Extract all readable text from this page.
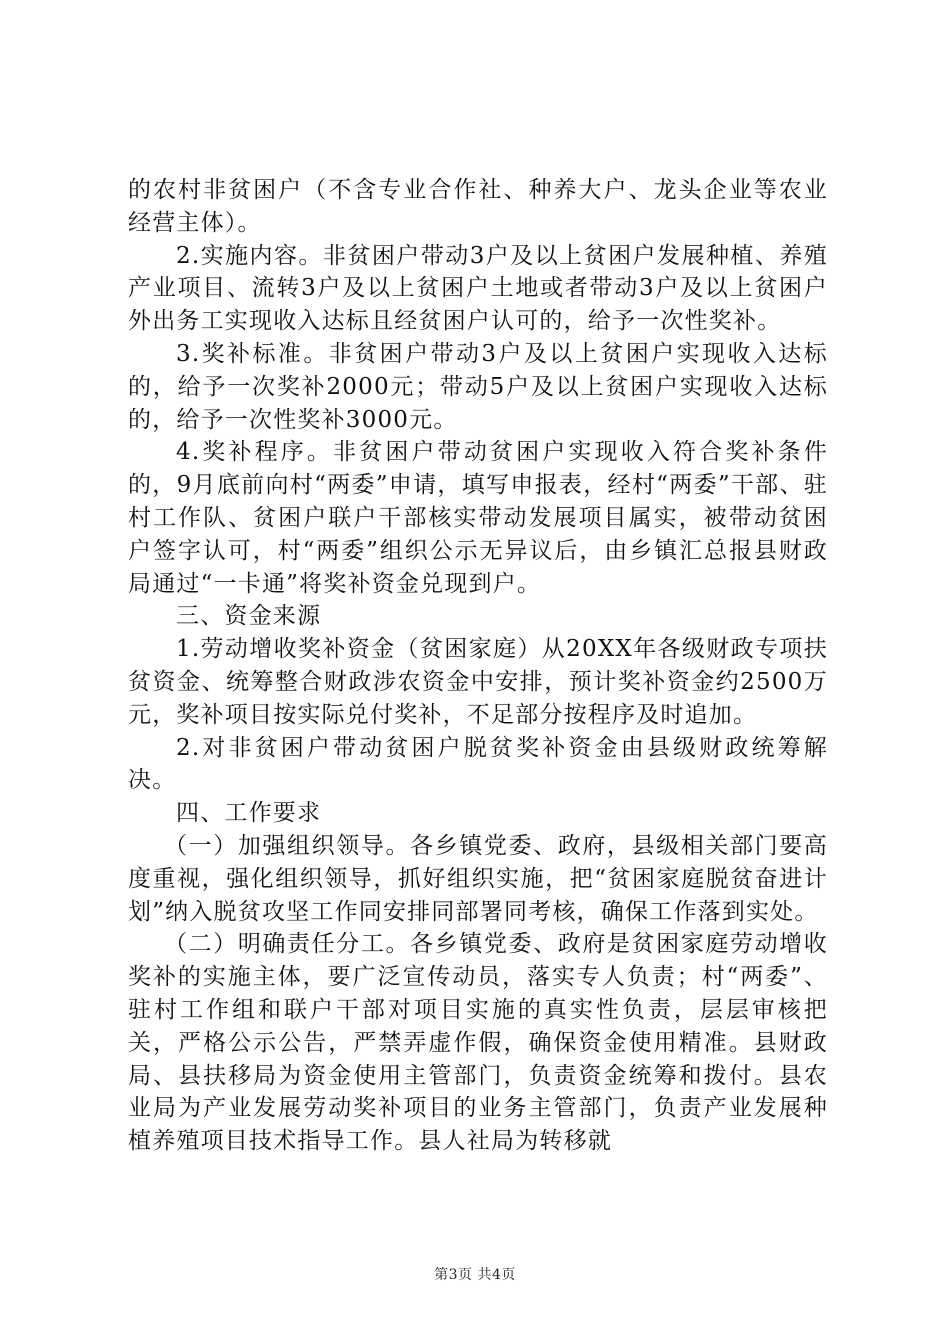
的农村非贫困户（不含专业合作社、种养大户、龙头企业等农业经营主体）。

2.实施内容。非贫困户带动3户及以上贫困户发展种植、养殖产业项目、流转3户及以上贫困户土地或者带动3户及以上贫困户外出务工实现收入达标且经贫困户认可的，给予一次性奖补。

3.奖补标准。非贫困户带动3户及以上贫困户实现收入达标的，给予一次奖补2000元；带动5户及以上贫困户实现收入达标的，给予一次性奖补3000元。

4.奖补程序。非贫困户带动贫困户实现收入符合奖补条件的，9月底前向村“两委”申请，填写申报表，经村“两委”干部、驻村工作队、贫困户联户干部核实带动发展项目属实，被带动贫困户签字认可，村“两委”组织公示无异议后，由乡镇汇总报县财政局通过“一卡通”将奖补资金兑现到户。

三、资金来源

1.劳动增收奖补资金（贫困家庭）从20XX年各级财政专项扶贫资金、统筹整合财政涉农资金中安排，预计奖补资金约2500万元，奖补项目按实际兑付奖补，不足部分按程序及时追加。

2.对非贫困户带动贫困户脱贫奖补资金由县级财政统筹解决。

四、工作要求

（一）加强组织领导。各乡镇党委、政府，县级相关部门要高度重视，强化组织领导，抓好组织实施，把“贫困家庭脱贫奋进计划”纳入脱贫攻坚工作同安排同部署同考核，确保工作落到实处。

（二）明确责任分工。各乡镇党委、政府是贫困家庭劳动增收奖补的实施主体，要广泛宣传动员，落实专人负责；村“两委”、驻村工作组和联户干部对项目实施的真实性负责，层层审核把关，严格公示公告，严禁弄虚作假，确保资金使用精准。县财政局、县扶移局为资金使用主管部门，负责资金统筹和拨付。县农业局为产业发展劳动奖补项目的业务主管部门，负责产业发展种植养殖项目技术指导工作。县人社局为转移就

第3页 共4页
